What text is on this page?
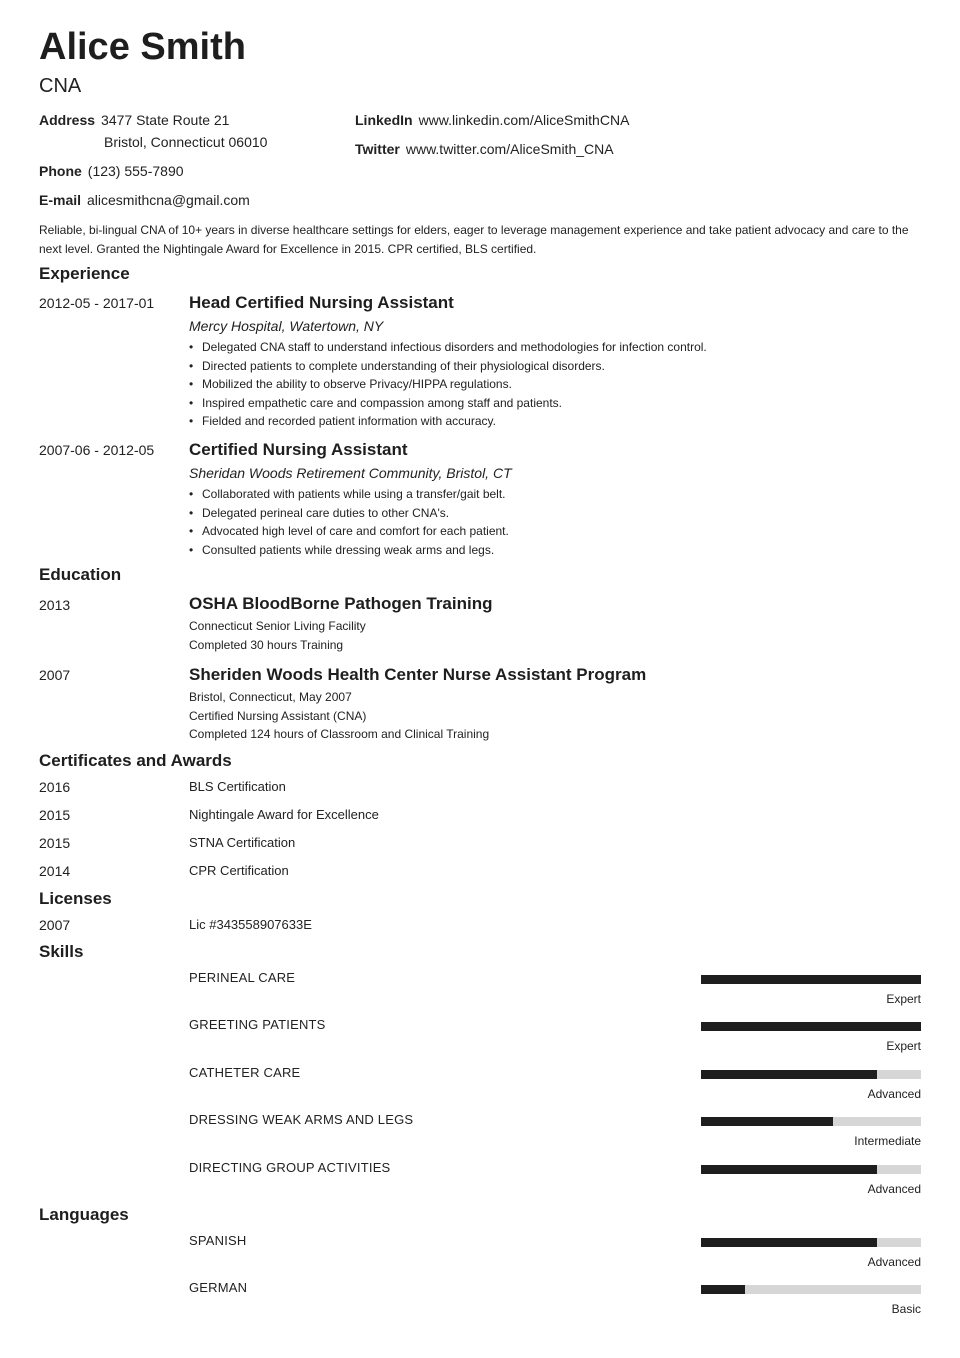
Alice Smith
CNA
Address 3477 State Route 21
Bristol, Connecticut 06010
Phone (123) 555-7890
E-mail alicesmithcna@gmail.com
LinkedIn www.linkedin.com/AliceSmithCNA
Twitter www.twitter.com/AliceSmith_CNA
Reliable, bi-lingual CNA of 10+ years in diverse healthcare settings for elders, eager to leverage management experience and take patient advocacy and care to the next level. Granted the Nightingale Award for Excellence in 2015. CPR certified, BLS certified.
Experience
2012-05 - 2017-01 Head Certified Nursing Assistant
Mercy Hospital, Watertown, NY
• Delegated CNA staff to understand infectious disorders and methodologies for infection control.
• Directed patients to complete understanding of their physiological disorders.
• Mobilized the ability to observe Privacy/HIPPA regulations.
• Inspired empathetic care and compassion among staff and patients.
• Fielded and recorded patient information with accuracy.
2007-06 - 2012-05 Certified Nursing Assistant
Sheridan Woods Retirement Community, Bristol, CT
• Collaborated with patients while using a transfer/gait belt.
• Delegated perineal care duties to other CNA's.
• Advocated high level of care and comfort for each patient.
• Consulted patients while dressing weak arms and legs.
Education
2013	OSHA BloodBorne Pathogen Training
Connecticut Senior Living Facility
Completed 30 hours Training
2007	Sheriden Woods Health Center Nurse Assistant Program
Bristol, Connecticut, May 2007
Certified Nursing Assistant (CNA)
Completed 124 hours of Classroom and Clinical Training
Certificates and Awards
2016	BLS Certification
2015	Nightingale Award for Excellence
2015	STNA Certification
2014	CPR Certification
Licenses
2007	Lic #343558907633E
Skills
PERINEAL CARE
Expert
GREETING PATIENTS
Expert
CATHETER CARE
Advanced
DRESSING WEAK ARMS AND LEGS
Intermediate
DIRECTING GROUP ACTIVITIES
Advanced
Languages
SPANISH
Advanced
GERMAN
Basic
